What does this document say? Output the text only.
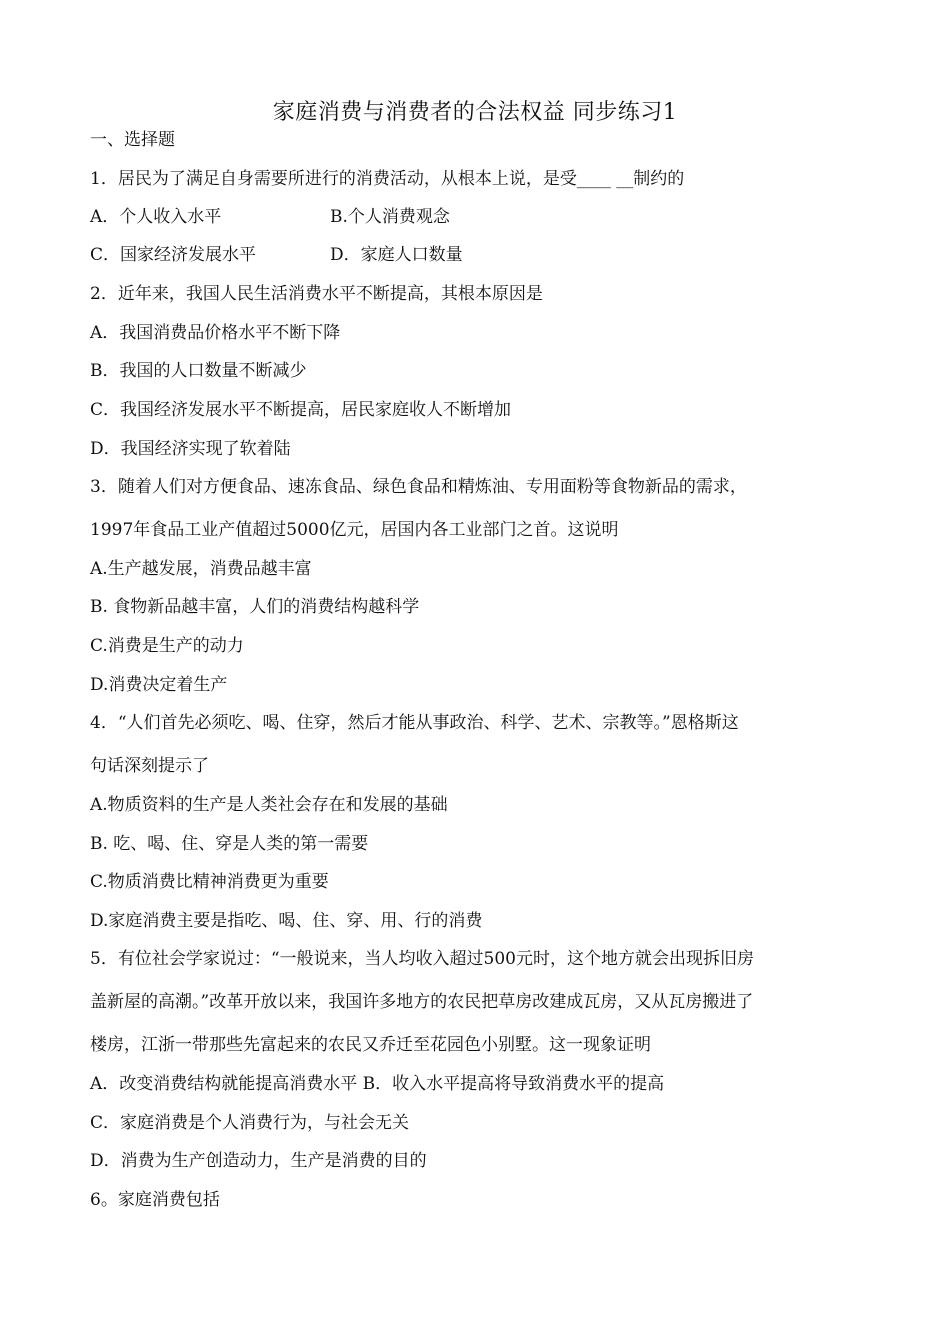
家庭消费与消费者的合法权益 同步练习1
一、选择题
1．居民为了满足自身需要所进行的消费活动，从根本上说，是受____ __制约的
A．个人收入水平	B.个人消费观念
C．国家经济发展水平	D．家庭人口数量
2．近年来，我国人民生活消费水平不断提高，其根本原因是
A．我国消费品价格水平不断下降
B．我国的人口数量不断减少
C．我国经济发展水平不断提高，居民家庭收人不断增加
D．我国经济实现了软着陆
3．随着人们对方便食品、速冻食品、绿色食品和精炼油、专用面粉等食物新品的需求，
1997年食品工业产值超过5000亿元，居国内各工业部门之首。这说明
A.生产越发展，消费品越丰富
B. 食物新品越丰富，人们的消费结构越科学
C.消费是生产的动力
D.消费决定着生产
4．“人们首先必须吃、喝、住穿，然后才能从事政治、科学、艺术、宗教等。”恩格斯这
句话深刻提示了
A.物质资料的生产是人类社会存在和发展的基础
B. 吃、喝、住、穿是人类的第一需要
C.物质消费比精神消费更为重要
D.家庭消费主要是指吃、喝、住、穿、用、行的消费
5．有位社会学家说过：“一般说来，当人均收入超过500元时，这个地方就会出现拆旧房
盖新屋的高潮。”改革开放以来，我国许多地方的农民把草房改建成瓦房，又从瓦房搬进了
楼房，江浙一带那些先富起来的农民又乔迁至花园色小别墅。这一现象证明
A．改变消费结构就能提高消费水平 B．收入水平提高将导致消费水平的提高
C．家庭消费是个人消费行为，与社会无关
D．消费为生产创造动力，生产是消费的目的
6。家庭消费包括
